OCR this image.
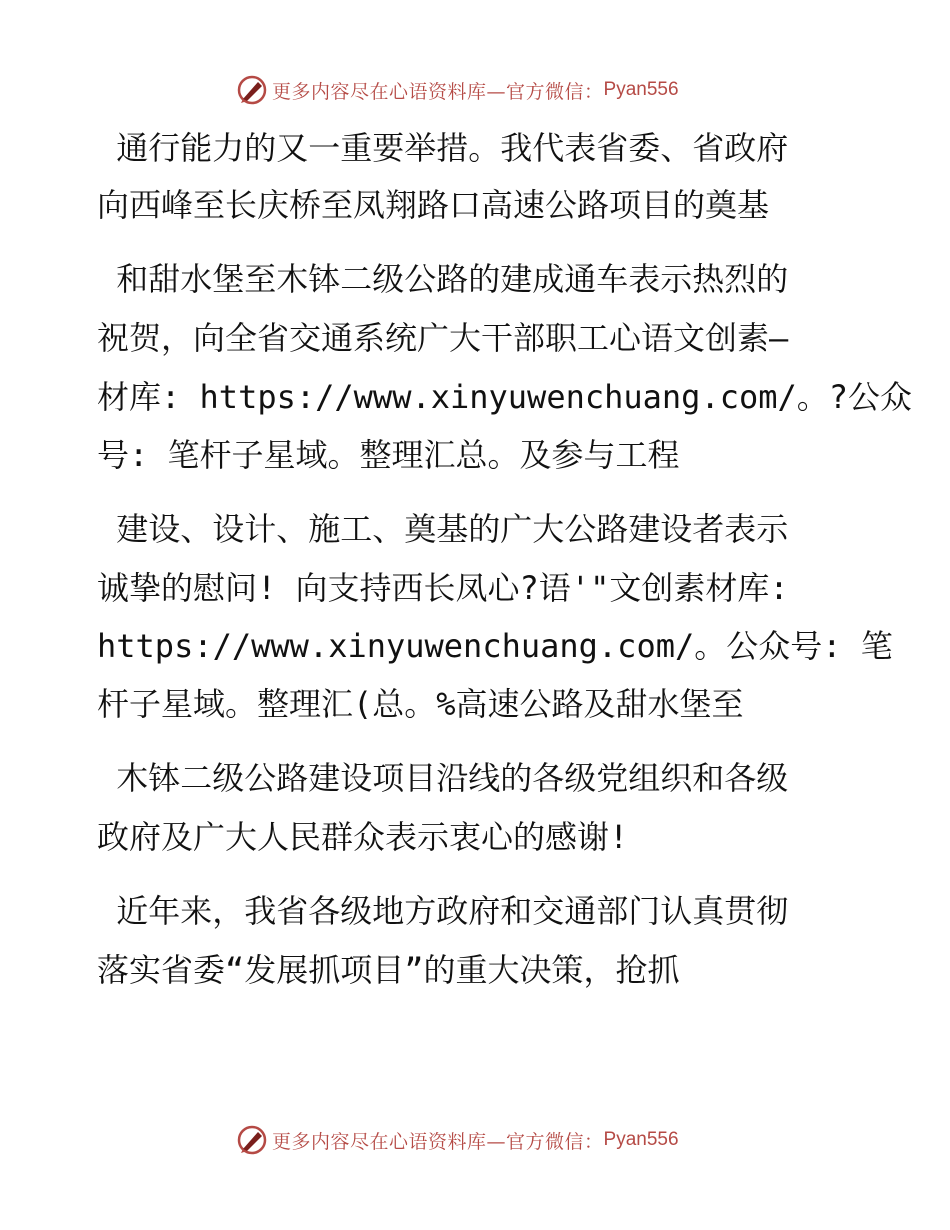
更多内容尽在心语资料库—官方微信： Pyan556
通行能力的又一重要举措。我代表省委、省政府
向西峰至长庆桥至凤翔路口高速公路项目的奠基
和甜水堡至木钵二级公路的建成通车表示热烈的
祝贺，向全省交通系统广大干部职工心语文创素—
材库: https://www.xinyuwenchuang.com/。?公众
号: 笔杆子星域。整理汇总。及参与工程
建设、设计、施工、奠基的广大公路建设者表示
诚挚的慰问! 向支持西长凤心?语'"文创素材库:
https://www.xinyuwenchuang.com/。公众号: 笔
杆子星域。整理汇(总。%高速公路及甜水堡至
木钵二级公路建设项目沿线的各级党组织和各级
政府及广大人民群众表示衷心的感谢!
近年来，我省各级地方政府和交通部门认真贯彻
落实省委“发展抓项目”的重大决策，抢抓
更多内容尽在心语资料库—官方微信： Pyan556
